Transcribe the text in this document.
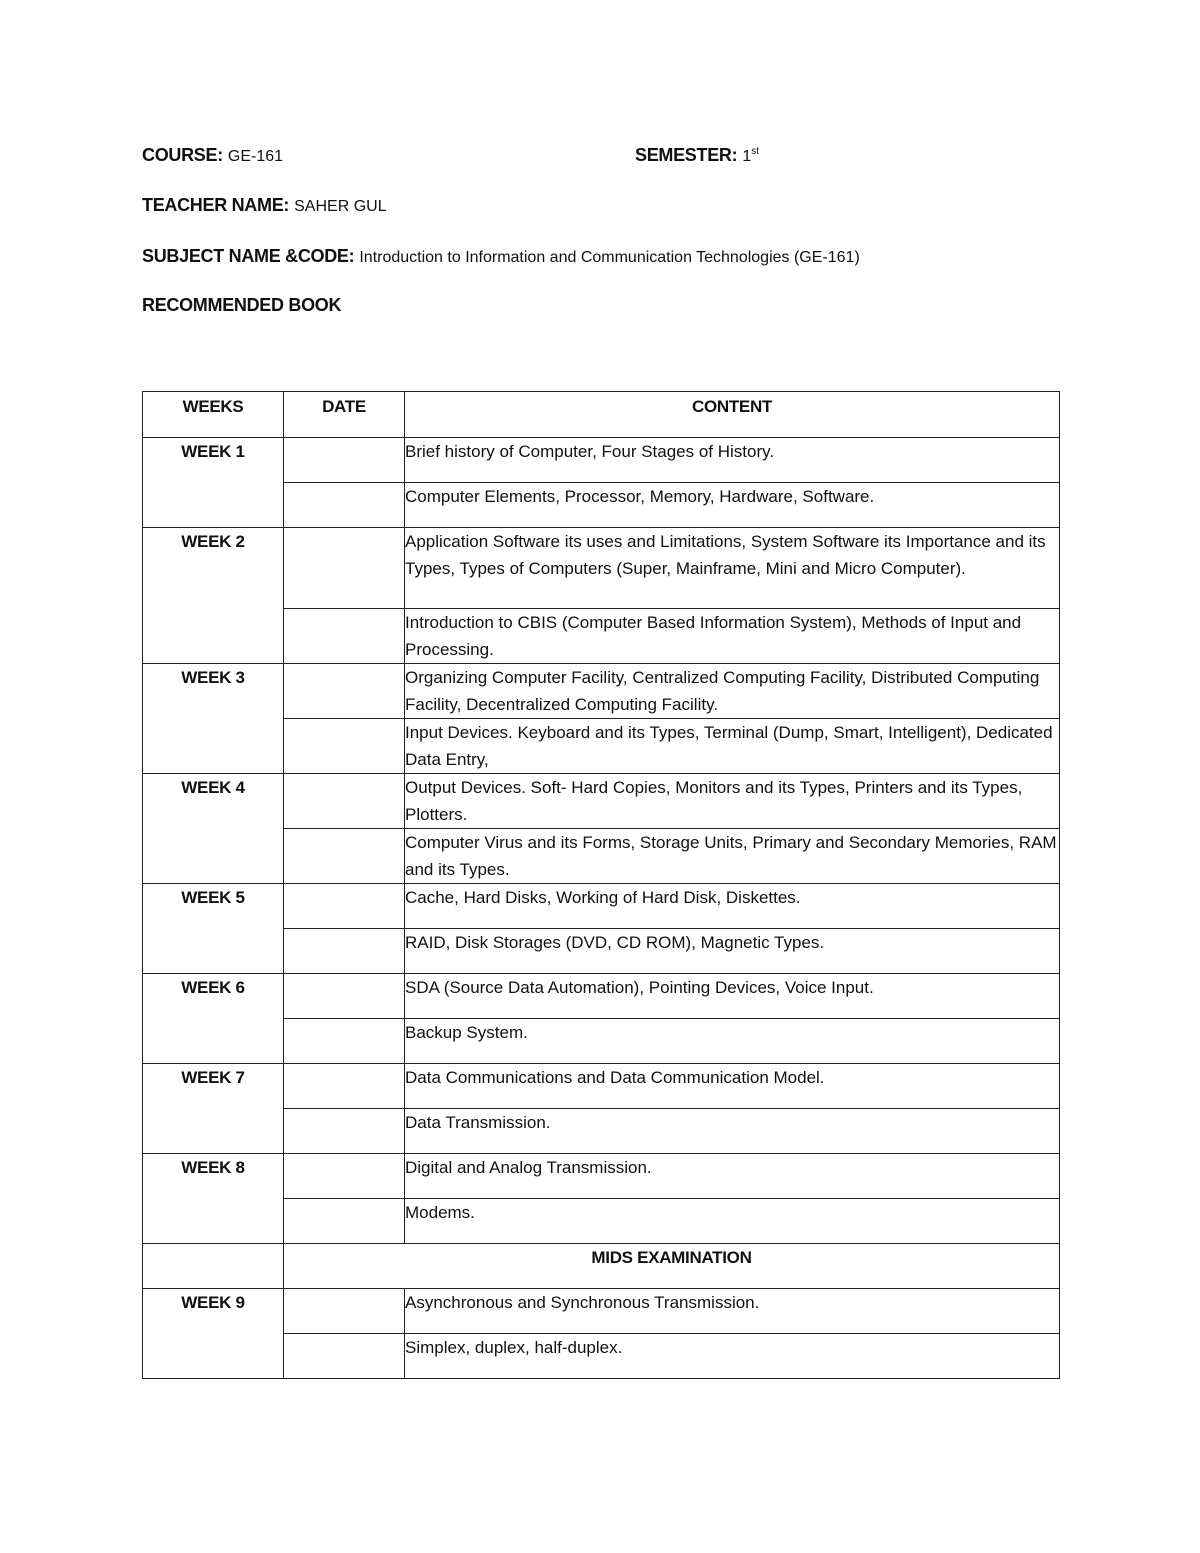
COURSE: GE-161	SEMESTER: 1st
TEACHER NAME: SAHER GUL
SUBJECT NAME &CODE: Introduction to Information and Communication Technologies (GE-161)
RECOMMENDED BOOK
WEEKS	DATE	CONTENT
WEEK 1		Brief history of Computer, Four Stages of History.
		Computer Elements, Processor, Memory, Hardware, Software.
WEEK 2		Application Software its uses and Limitations, System Software its Importance and its Types, Types of Computers (Super, Mainframe, Mini and Micro Computer).
		Introduction to CBIS (Computer Based Information System), Methods of Input and Processing.
WEEK 3		Organizing Computer Facility, Centralized Computing Facility, Distributed Computing Facility, Decentralized Computing Facility.
		Input Devices. Keyboard and its Types, Terminal (Dump, Smart, Intelligent), Dedicated Data Entry,
WEEK 4		Output Devices. Soft- Hard Copies, Monitors and its Types, Printers and its Types, Plotters.
		Computer Virus and its Forms, Storage Units, Primary and Secondary Memories, RAM and its Types.
WEEK 5		Cache, Hard Disks, Working of Hard Disk, Diskettes.
		RAID, Disk Storages (DVD, CD ROM), Magnetic Types.
WEEK 6		SDA (Source Data Automation), Pointing Devices, Voice Input.
		Backup System.
WEEK 7		Data Communications and Data Communication Model.
		Data Transmission.
WEEK 8		Digital and Analog Transmission.
		Modems.
	MIDS EXAMINATION	
WEEK 9		Asynchronous and Synchronous Transmission.
		Simplex, duplex, half-duplex.
